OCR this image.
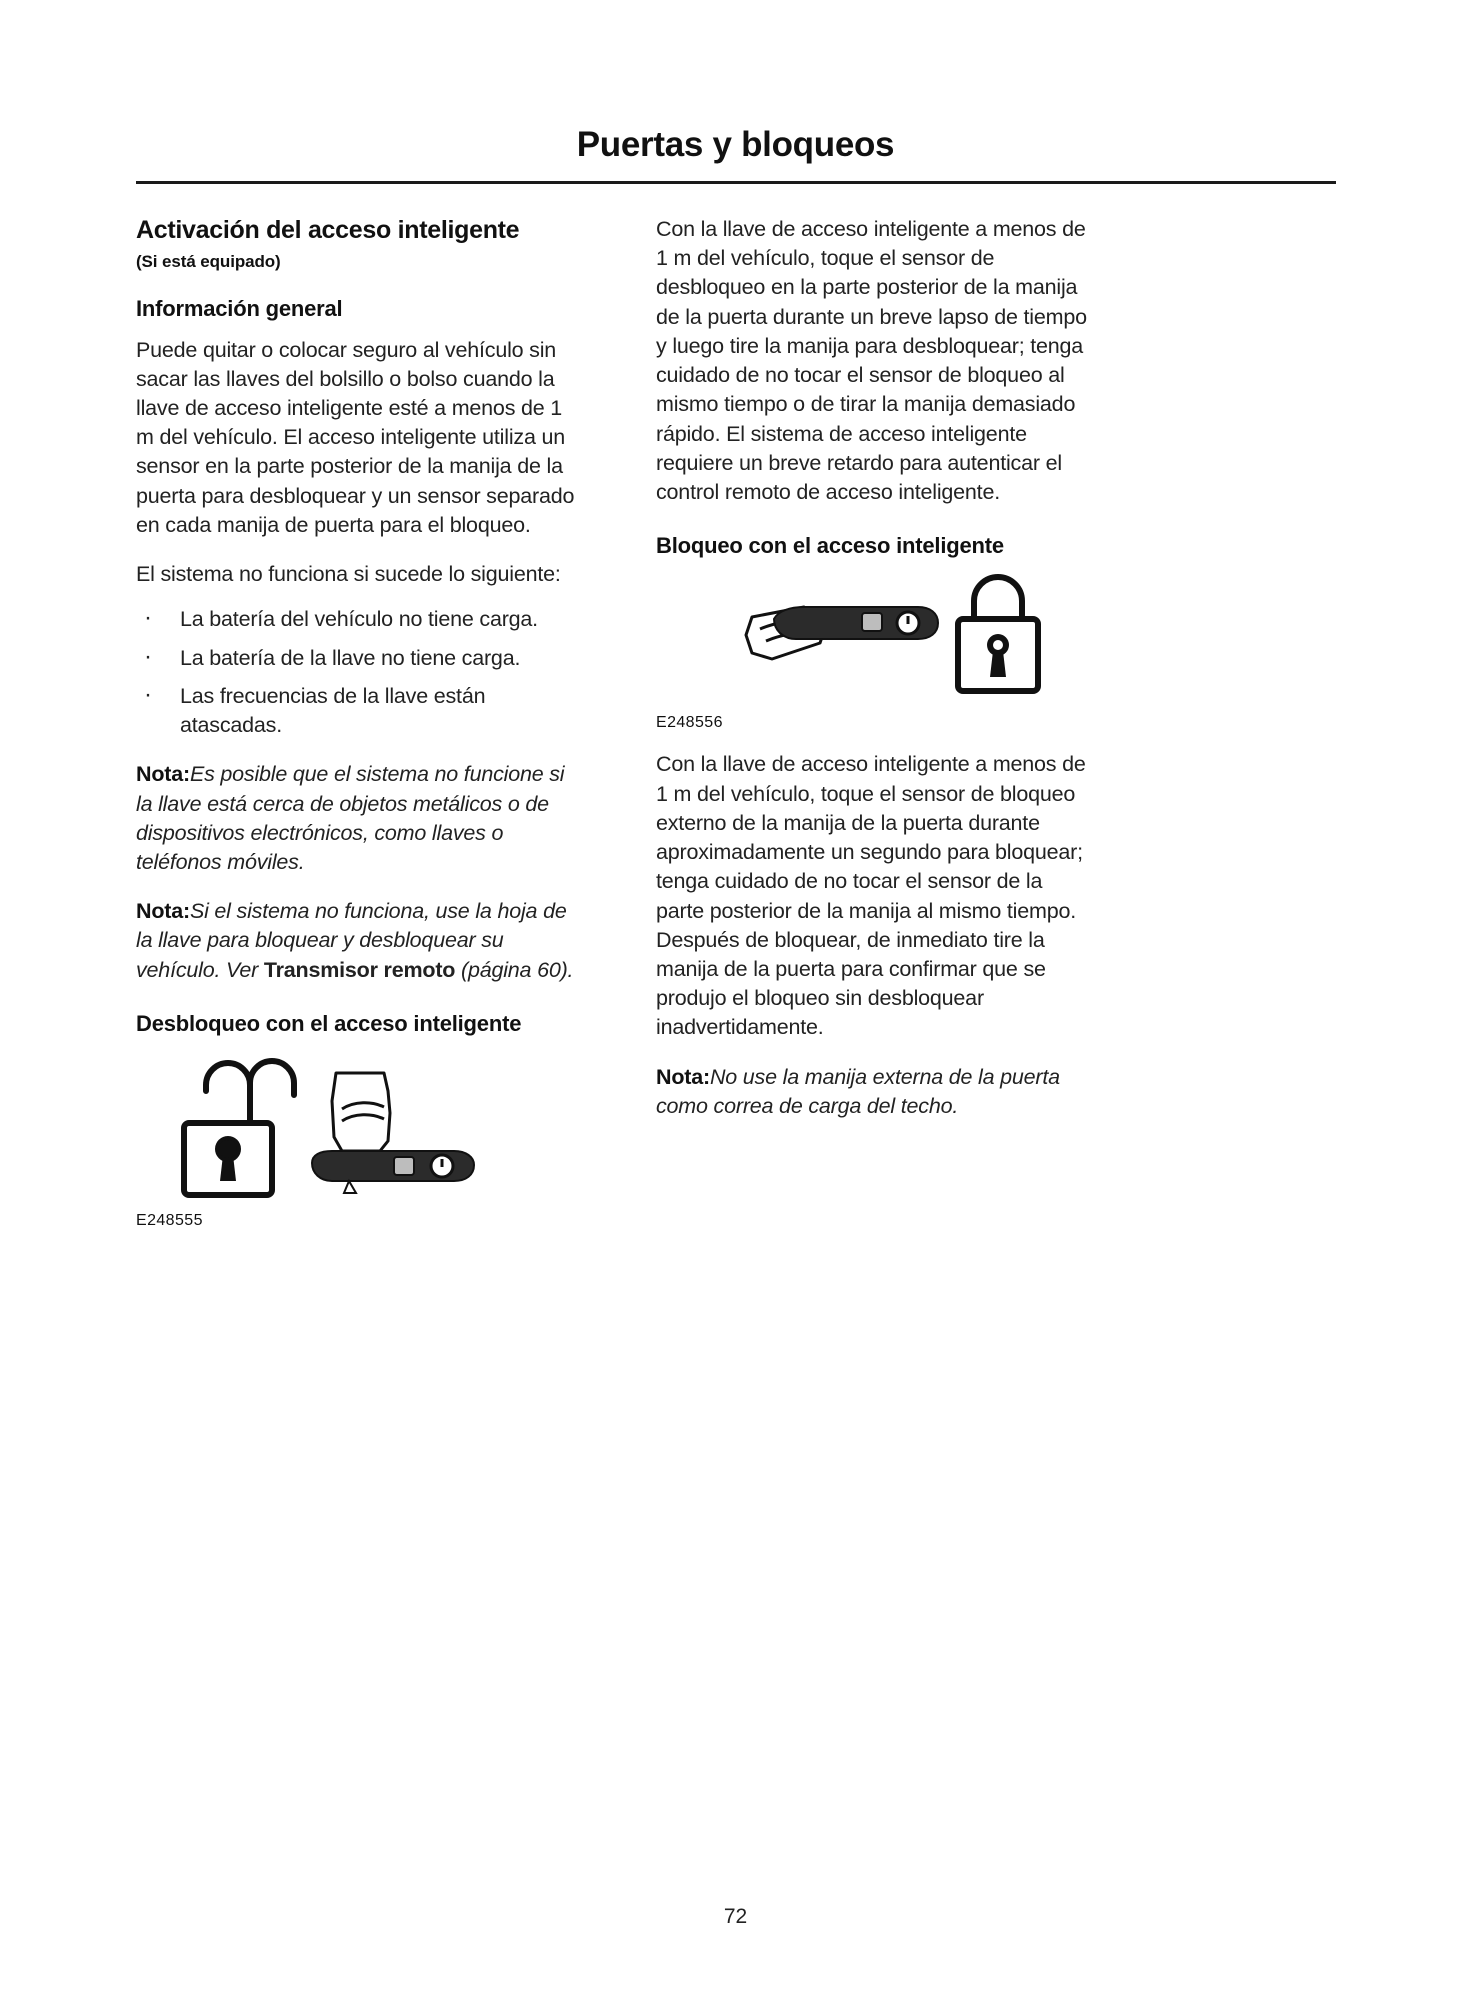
Puertas y bloqueos
Activación del acceso inteligente
(Si está equipado)
Información general

Puede quitar o colocar seguro al vehículo sin sacar las llaves del bolsillo o bolso cuando la llave de acceso inteligente esté a menos de 1 m del vehículo. El acceso inteligente utiliza un sensor en la parte posterior de la manija de la puerta para desbloquear y un sensor separado en cada manija de puerta para el bloqueo.

El sistema no funciona si sucede lo siguiente:

· La batería del vehículo no tiene carga.
· La batería de la llave no tiene carga.
· Las frecuencias de la llave están atascadas.

Nota:Es posible que el sistema no funcione si la llave está cerca de objetos metálicos o de dispositivos electrónicos, como llaves o teléfonos móviles.

Nota:Si el sistema no funciona, use la hoja de la llave para bloquear y desbloquear su vehículo. Ver Transmisor remoto (página 60).

Desbloqueo con el acceso inteligente
E248555

Con la llave de acceso inteligente a menos de 1 m del vehículo, toque el sensor de desbloqueo en la parte posterior de la manija de la puerta durante un breve lapso de tiempo y luego tire la manija para desbloquear; tenga cuidado de no tocar el sensor de bloqueo al mismo tiempo o de tirar la manija demasiado rápido. El sistema de acceso inteligente requiere un breve retardo para autenticar el control remoto de acceso inteligente.

Bloqueo con el acceso inteligente
E248556

Con la llave de acceso inteligente a menos de 1 m del vehículo, toque el sensor de bloqueo externo de la manija de la puerta durante aproximadamente un segundo para bloquear; tenga cuidado de no tocar el sensor de la parte posterior de la manija al mismo tiempo. Después de bloquear, de inmediato tire la manija de la puerta para confirmar que se produjo el bloqueo sin desbloquear inadvertidamente.

Nota:No use la manija externa de la puerta como correa de carga del techo.

72
